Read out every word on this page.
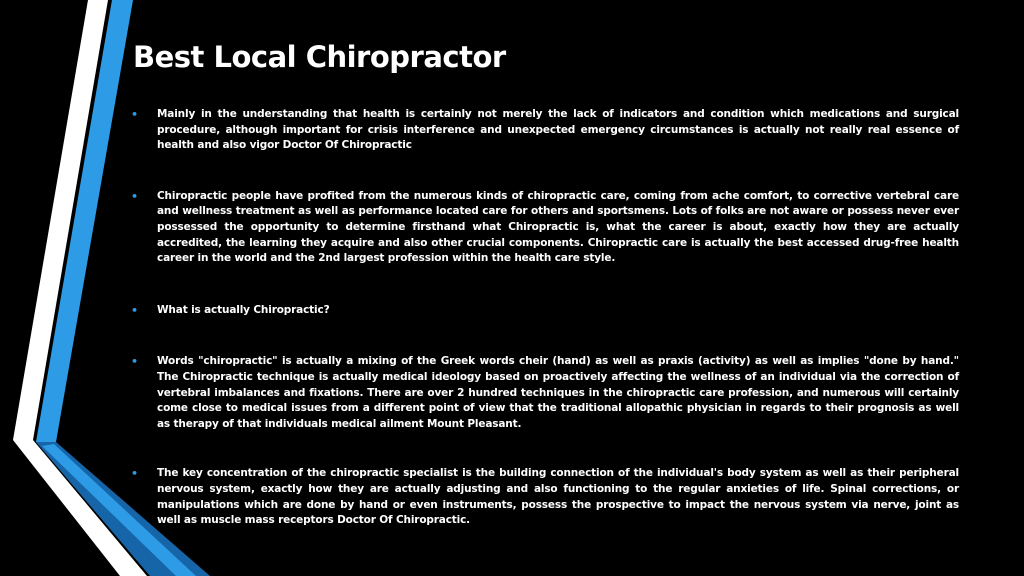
Best Local Chiropractor
• Mainly in the understanding that health is certainly not merely the lack of indicators and condition which medications and surgical procedure, although important for crisis interference and unexpected emergency circumstances is actually not really real essence of health and also vigor Doctor Of Chiropractic
• Chiropractic people have profited from the numerous kinds of chiropractic care, coming from ache comfort, to corrective vertebral care and wellness treatment as well as performance located care for others and sportsmens. Lots of folks are not aware or possess never ever possessed the opportunity to determine firsthand what Chiropractic is, what the career is about, exactly how they are actually accredited, the learning they acquire and also other crucial components. Chiropractic care is actually the best accessed drug-free health career in the world and the 2nd largest profession within the health care style.
• What is actually Chiropractic?
• Words "chiropractic" is actually a mixing of the Greek words cheir (hand) as well as praxis (activity) as well as implies "done by hand." The Chiropractic technique is actually medical ideology based on proactively affecting the wellness of an individual via the correction of vertebral imbalances and fixations. There are over 2 hundred techniques in the chiropractic care profession, and numerous will certainly come close to medical issues from a different point of view that the traditional allopathic physician in regards to their prognosis as well as therapy of that individuals medical ailment Mount Pleasant.
• The key concentration of the chiropractic specialist is the building connection of the individual's body system as well as their peripheral nervous system, exactly how they are actually adjusting and also functioning to the regular anxieties of life. Spinal corrections, or manipulations which are done by hand or even instruments, possess the prospective to impact the nervous system via nerve, joint as well as muscle mass receptors Doctor Of Chiropractic.
